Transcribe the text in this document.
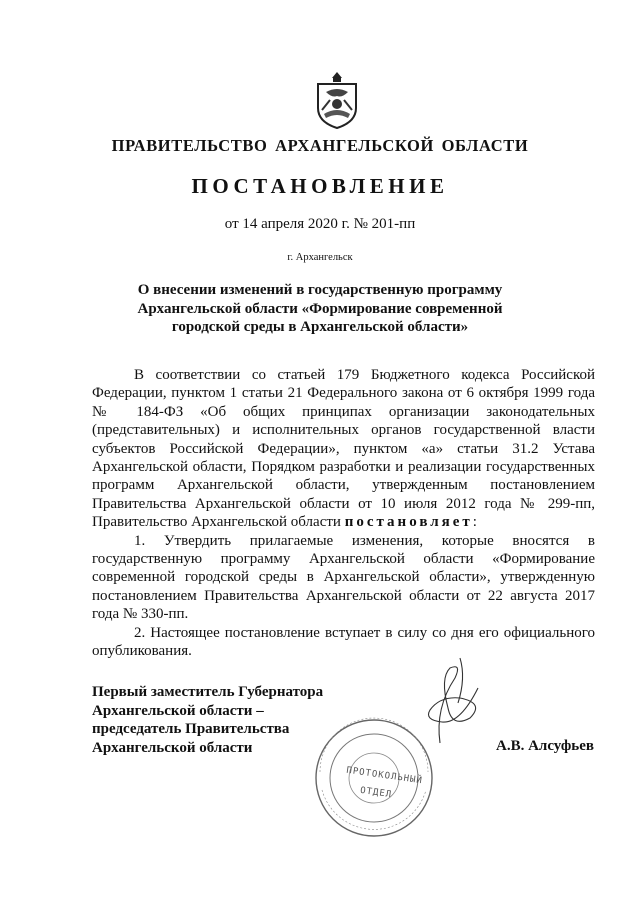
ПРАВИТЕЛЬСТВО АРХАНГЕЛЬСКОЙ ОБЛАСТИ
ПОСТАНОВЛЕНИЕ
от 14 апреля 2020 г. № 201-пп
г. Архангельск
О внесении изменений в государственную программу
Архангельской области «Формирование современной
городской среды в Архангельской области»

В соответствии со статьей 179 Бюджетного кодекса Российской Федерации, пунктом 1 статьи 21 Федерального закона от 6 октября 1999 года № 184-ФЗ «Об общих принципах организации законодательных (представительных) и исполнительных органов государственной власти субъектов Российской Федерации», пунктом «а» статьи 31.2 Устава Архангельской области, Порядком разработки и реализации государственных программ Архангельской области, утвержденным постановлением Правительства Архангельской области от 10 июля 2012 года № 299-пп, Правительство Архангельской области постановляет:

1. Утвердить прилагаемые изменения, которые вносятся в государственную программу Архангельской области «Формирование современной городской среды в Архангельской области», утвержденную постановлением Правительства Архангельской области от 22 августа 2017 года № 330-пп.

2. Настоящее постановление вступает в силу со дня его официального опубликования.

Первый заместитель Губернатора
Архангельской области –
председатель Правительства
Архангельской области	А.В. Алсуфьев
ПРОТОКОЛЬНЫЙ
ОТДЕЛ
